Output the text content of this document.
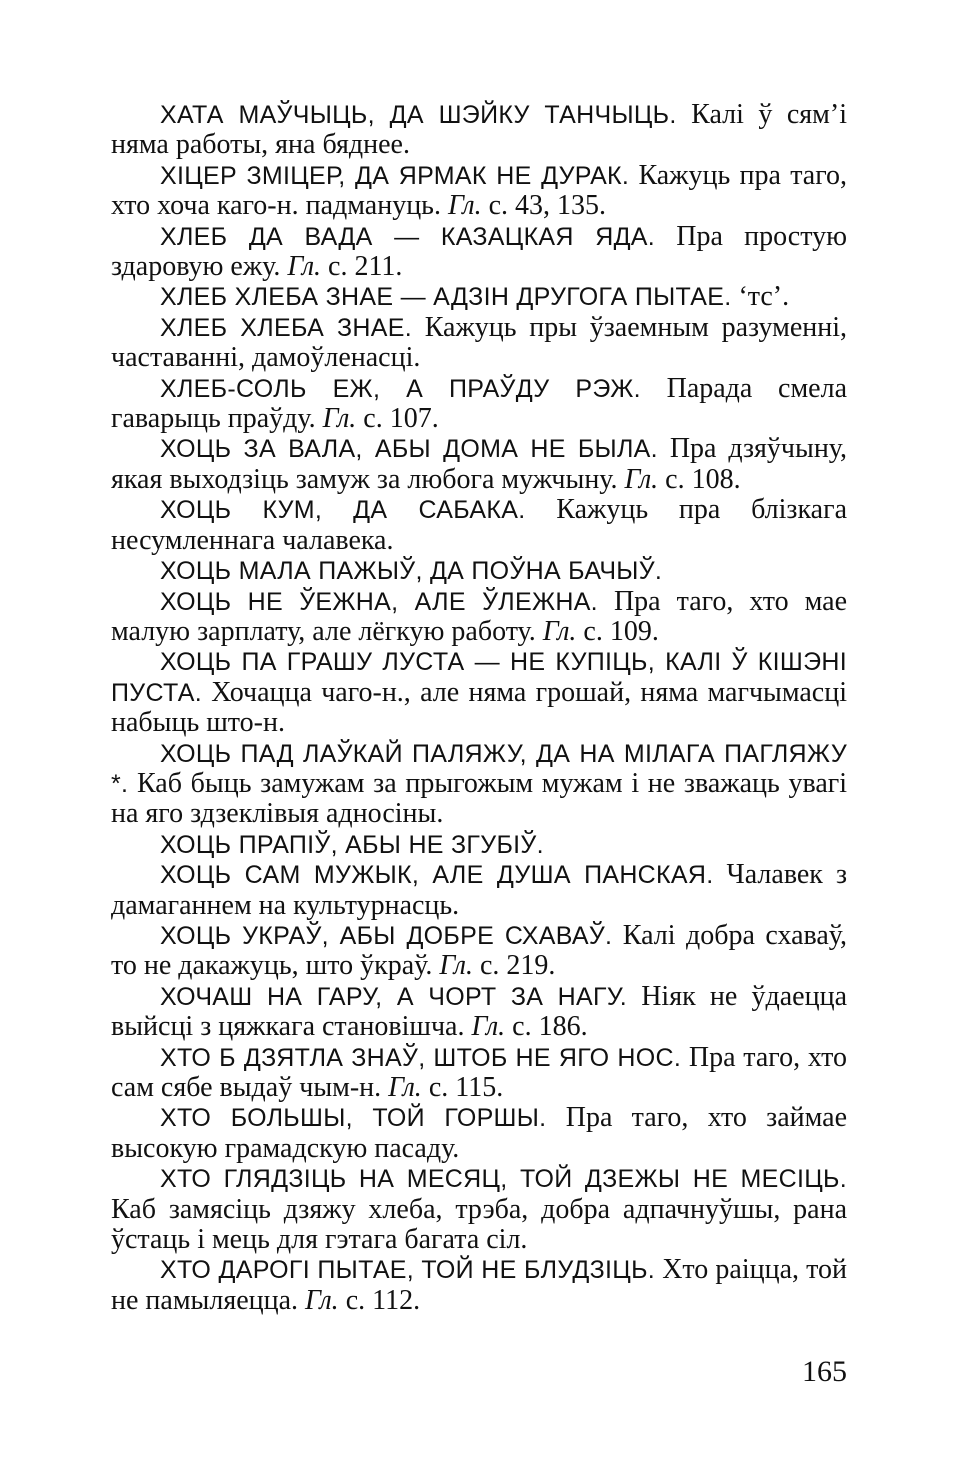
ХАТА МАЎЧЫЦЬ, ДА ШЭЙКУ ТАНЧЫЦЬ. Калі ў сям’і няма работы, яна бяднее.

ХІЦЕР ЗМІЦЕР, ДА ЯРМАК НЕ ДУРАК. Кажуць пра таго, хто хоча каго-н. падмануць. Гл. с. 43, 135.

ХЛЕБ ДА ВАДА — КАЗАЦКАЯ ЯДА. Пра простую здаровую ежу. Гл. с. 211.

ХЛЕБ ХЛЕБА ЗНАЕ — АДЗІН ДРУГОГА ПЫТАЕ. ‘тс’.

ХЛЕБ ХЛЕБА ЗНАЕ. Кажуць пры ўзаемным разуменні, частаванні, дамоўленасці.

ХЛЕБ-СОЛЬ ЕЖ, А ПРАЎДУ РЭЖ. Парада смела гаварыць праўду. Гл. с. 107.

ХОЦЬ ЗА ВАЛА, АБЫ ДОМА НЕ БЫЛА. Пра дзяўчыну, якая выходзіць замуж за любога мужчыну. Гл. с. 108.

ХОЦЬ КУМ, ДА САБАКА. Кажуць пра блізкага несумленнага чалавека.

ХОЦЬ МАЛА ПАЖЫЎ, ДА ПОЎНА БАЧЫЎ.

ХОЦЬ НЕ ЎЕЖНА, АЛЕ ЎЛЕЖНА. Пра таго, хто мае малую зарплату, але лёгкую работу. Гл. с. 109.

ХОЦЬ ПА ГРАШУ ЛУСТА — НЕ КУПІЦЬ, КАЛІ Ў КІШЭНІ ПУСТА. Хочацца чаго-н., але няма грошай, няма магчымасці набыць што-н.

ХОЦЬ ПАД ЛАЎКАЙ ПАЛЯЖУ, ДА НА МІЛАГА ПАГЛЯЖУ *. Каб быць замужам за прыгожым мужам і не зважаць увагі на яго здзеклівыя адносіны.

ХОЦЬ ПРАПІЎ, АБЫ НЕ ЗГУБІЎ.

ХОЦЬ САМ МУЖЫК, АЛЕ ДУША ПАНСКАЯ. Чалавек з дамаганнем на культурнасць.

ХОЦЬ УКРАЎ, АБЫ ДОБРЕ СХАВАЎ. Калі добра схаваў, то не дакажуць, што ўкраў. Гл. с. 219.

ХОЧАШ НА ГАРУ, А ЧОРТ ЗА НАГУ. Ніяк не ўдаецца выйсці з цяжкага становішча. Гл. с. 186.

ХТО Б ДЗЯТЛА ЗНАЎ, ШТОБ НЕ ЯГО НОС. Пра таго, хто сам сябе выдаў чым-н. Гл. с. 115.

ХТО БОЛЬШЫ, ТОЙ ГОРШЫ. Пра таго, хто займае высокую грамадскую пасаду.

ХТО ГЛЯДЗІЦЬ НА МЕСЯЦ, ТОЙ ДЗЕЖЫ НЕ МЕСІЦЬ. Каб замясіць дзяжу хлеба, трэба, добра адпачнуўшы, рана ўстаць і мець для гэтага багата сіл.

ХТО ДАРОГІ ПЫТАЕ, ТОЙ НЕ БЛУДЗІЦЬ. Хто раіцца, той не памыляецца. Гл. с. 112.

165
